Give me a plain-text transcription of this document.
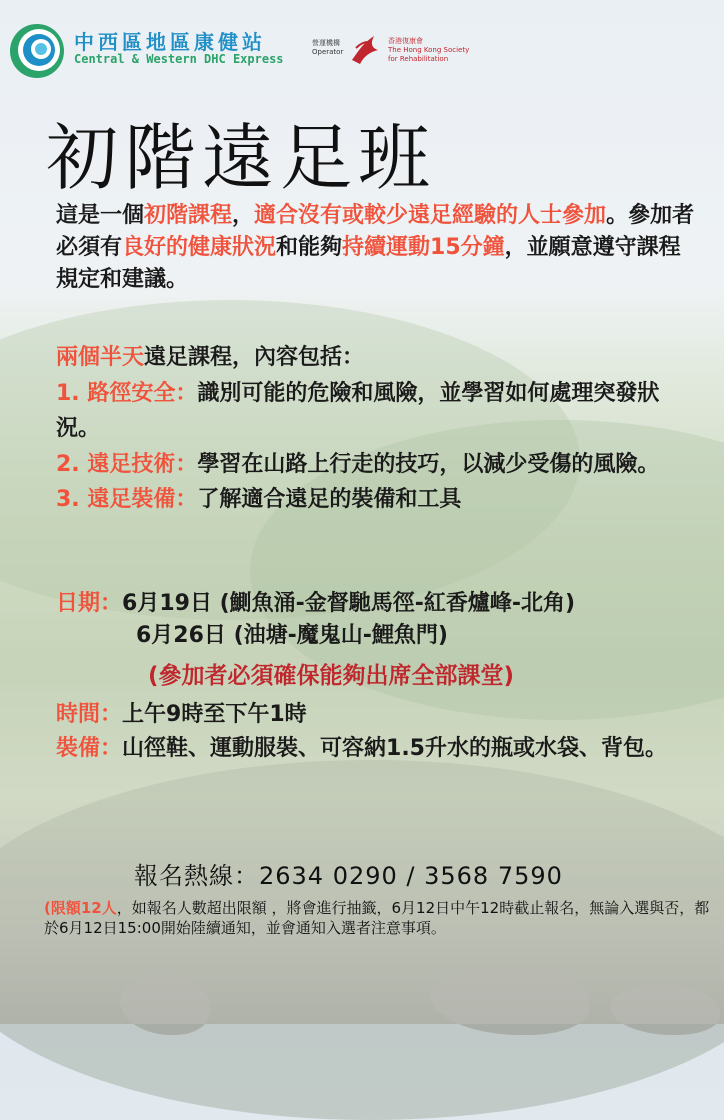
中西區地區康健站
Central & Western DHC Express
營運機構
Operator
香港復康會
The Hong Kong Society
for Rehabilitation
初階遠足班
這是一個初階課程，適合沒有或較少遠足經驗的人士參加。參加者必須有良好的健康狀況和能夠持續運動15分鐘，並願意遵守課程規定和建議。
兩個半天遠足課程，內容包括：
1. 路徑安全：識別可能的危險和風險，並學習如何處理突發狀況。
2. 遠足技術：學習在山路上行走的技巧，以減少受傷的風險。
3. 遠足裝備：了解適合遠足的裝備和工具
日期：6月19日 (鰂魚涌-金督馳馬徑-紅香爐峰-北角)
6月26日 (油塘-魔鬼山-鯉魚門)
(參加者必須確保能夠出席全部課堂)
時間：上午9時至下午1時
裝備：山徑鞋、運動服裝、可容納1.5升水的瓶或水袋、背包。
報名熱線：2634 0290 / 3568 7590
(限額12人，如報名人數超出限額 ，將會進行抽籤，6月12日中午12時截止報名，無論入選與否，都於6月12日15:00開始陸續通知，並會通知入選者注意事項。
